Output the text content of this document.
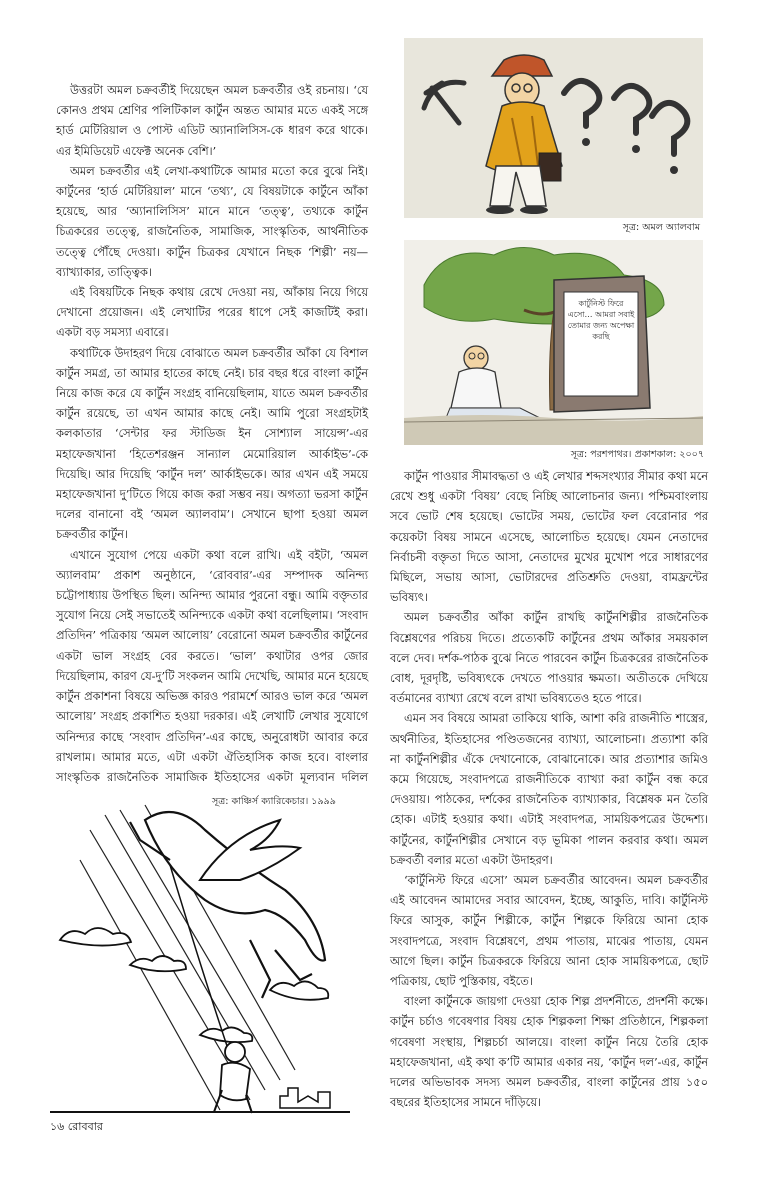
উত্তরটা অমল চক্রবর্তীই দিয়েছেন অমল চক্রবর্তীর ওই রচনায়। ‘যে কোনও প্রথম শ্রেণির পলিটিকাল কার্টুন অন্তত আমার মতে একই সঙ্গে হার্ড মেটিরিয়াল ও পোস্ট এডিট অ্যানালিসিস-কে ধারণ করে থাকে। এর ইমিডিয়েট এফেক্ট অনেক বেশি।’

অমল চক্রবর্তীর এই লেখা-কথাটিকে আমার মতো করে বুঝে নিই। কার্টুনের ‘হার্ড মেটিরিয়াল’ মানে ‘তথ্য’, যে বিষয়টাকে কার্টুনে আঁকা হয়েছে, আর ‘অ্যানালিসিস’ মানে মানে ‘তত্ত্ব’, তথ্যকে কার্টুন চিত্রকরের তত্ত্বে, রাজনৈতিক, সামাজিক, সাংস্কৃতিক, আর্থনীতিক তত্ত্বে পৌঁছে দেওয়া। কার্টুন চিত্রকর যেখানে নিছক ‘শিল্পী’ নয়— ব্যাখ্যাকার, তাত্ত্বিক।

এই বিষয়টিকে নিছক কথায় রেখে দেওয়া নয়, আঁকায় নিয়ে গিয়ে দেখানো প্রয়োজন। এই লেখাটির পরের ধাপে সেই কাজটিই করা। একটা বড় সমস্যা এবারে।

কথাটিকে উদাহরণ দিয়ে বোঝাতে অমল চক্রবর্তীর আঁকা যে বিশাল কার্টুন সমগ্র, তা আমার হাতের কাছে নেই। চার বছর ধরে বাংলা কার্টুন নিয়ে কাজ করে যে কার্টুন সংগ্রহ বানিয়েছিলাম, যাতে অমল চক্রবর্তীর কার্টুন রয়েছে, তা এখন আমার কাছে নেই। আমি পুরো সংগ্রহটাই কলকাতার ‘সেন্টার ফর স্টাডিজ ইন সোশ্যাল সায়েন্স’-এর মহাফেজখানা ‘হিতেশরঞ্জন সান্যাল মেমোরিয়াল আর্কাইভ’-কে দিয়েছি। আর দিয়েছি ‘কার্টুন দল’ আর্কাইভকে। আর এখন এই সময়ে মহাফেজখানা দু’টিতে গিয়ে কাজ করা সম্ভব নয়। অগত্যা ভরসা কার্টুন দলের বানানো বই ‘অমল অ্যালবাম’। সেখানে ছাপা হওয়া অমল চক্রবর্তীর কার্টুন।

এখানে সুযোগ পেয়ে একটা কথা বলে রাখি। এই বইটা, ‘অমল অ্যালবাম’ প্রকাশ অনুষ্ঠানে, ‘রোববার’-এর সম্পাদক অনিন্দ্য চট্টোপাধ্যায় উপস্থিত ছিল। অনিন্দ্য আমার পুরনো বন্ধু। আমি বক্তৃতার সুযোগ নিয়ে সেই সভাতেই অনিন্দ্যকে একটা কথা বলেছিলাম। ‘সংবাদ প্রতিদিন’ পত্রিকায় ‘অমল আলোয়’ বেরোনো অমল চক্রবর্তীর কার্টুনের একটা ভাল সংগ্রহ বের করতে। ‘ভাল’ কথাটার ওপর জোর দিয়েছিলাম, কারণ যে-দু’টি সংকলন আমি দেখেছি, আমার মনে হয়েছে কার্টুন প্রকাশনা বিষয়ে অভিজ্ঞ কারও পরামর্শে আরও ভাল করে ‘অমল আলোয়’ সংগ্রহ প্রকাশিত হওয়া দরকার। এই লেখাটি লেখার সুযোগে অনিন্দ্যর কাছে ‘সংবাদ প্রতিদিন’-এর কাছে, অনুরোধটা আবার করে রাখলাম। আমার মতে, এটা একটা ঐতিহাসিক কাজ হবে। বাংলার সাংস্কৃতিক রাজনৈতিক সামাজিক ইতিহাসের একটা মূল্যবান দলিল

কার্টুন পাওয়ার সীমাবদ্ধতা ও এই লেখার শব্দসংখ্যার সীমার কথা মনে রেখে শুধু একটা ‘বিষয়’ বেছে নিচ্ছি আলোচনার জন্য। পশ্চিমবাংলায় সবে ভোট শেষ হয়েছে। ভোটের সময়, ভোটের ফল বেরোনার পর কয়েকটা বিষয় সামনে এসেছে, আলোচিত হয়েছে। যেমন নেতাদের নির্বাচনী বক্তৃতা দিতে আসা, নেতাদের মুখের মুখোশ পরে সাধারণের মিছিলে, সভায় আসা, ভোটারদের প্রতিশ্রুতি দেওয়া, বামফ্রন্টের ভবিষ্যৎ।

অমল চক্রবর্তীর আঁকা কার্টুন রাখছি কার্টুনশিল্পীর রাজনৈতিক বিশ্লেষণের পরিচয় দিতে। প্রত্যেকটি কার্টুনের প্রথম আঁকার সময়কাল বলে দেব। দর্শক-পাঠক বুঝে নিতে পারবেন কার্টুন চিত্রকরের রাজনৈতিক বোধ, দূরদৃষ্টি, ভবিষ্যৎকে দেখতে পাওয়ার ক্ষমতা। অতীতকে দেখিয়ে বর্তমানের ব্যাখ্যা রেখে বলে রাখা ভবিষ্যতেও হতে পারে।

এমন সব বিষয়ে আমরা তাকিয়ে থাকি, আশা করি রাজনীতি শাস্ত্রের, অর্থনীতির, ইতিহাসের পণ্ডিতজনের ব্যাখ্যা, আলোচনা। প্রত্যাশা করি না কার্টুনশিল্পীর এঁকে দেখানোকে, বোঝানোকে। আর প্রত্যাশার জমিও কমে গিয়েছে, সংবাদপত্রে রাজনীতিকে ব্যাখ্যা করা কার্টুন বন্ধ করে দেওয়ায়। পাঠকের, দর্শকের রাজনৈতিক ব্যাখ্যাকার, বিশ্লেষক মন তৈরি হোক। এটাই হওয়ার কথা। এটাই সংবাদপত্র, সাময়িকপত্রের উদ্দেশ্য। কার্টুনের, কার্টুনশিল্পীর সেখানে বড় ভূমিকা পালন করবার কথা। অমল চক্রবর্তী বলার মতো একটা উদাহরণ।

‘কার্টুনিস্ট ফিরে এসো’ অমল চক্রবর্তীর আবেদন। অমল চক্রবর্তীর এই আবেদন আমাদের সবার আবেদন, ইচ্ছে, আকুতি, দাবি। কার্টুনিস্ট ফিরে আসুক, কার্টুন শিল্পীকে, কার্টুন শিল্পকে ফিরিয়ে আনা হোক সংবাদপত্রে, সংবাদ বিশ্লেষণে, প্রথম পাতায়, মাঝের পাতায়, যেমন আগে ছিল। কার্টুন চিত্রকরকে ফিরিয়ে আনা হোক সাময়িকপত্রে, ছোট পত্রিকায়, ছোট পুস্তিকায়, বইতে।

বাংলা কার্টুনকে জায়গা দেওয়া হোক শিল্প প্রদর্শনীতে, প্রদর্শনী কক্ষে। কার্টুন চর্চাও গবেষণার বিষয় হোক শিল্পকলা শিক্ষা প্রতিষ্ঠানে, শিল্পকলা গবেষণা সংস্থায়, শিল্পচর্চা আলয়ে। বাংলা কার্টুন নিয়ে তৈরি হোক মহাফেজখানা, এই কথা ক’টি আমার একার নয়, ‘কার্টুন দল’-এর, কার্টুন দলের অভিভাবক সদস্য অমল চক্রবর্তীর, বাংলা কার্টুনের প্রায় ১৫০ বছরের ইতিহাসের সামনে দাঁড়িয়ে।

সূত্র: অমল অ্যালবাম
কার্টুনিস্ট ফিরে এসো… আমরা সবাই তোমার জন্য অপেক্ষা করছি
সূত্র: পরশপাথর। প্রকাশকাল: ২০০৭
সূত্র: কাঞ্চির্স ক্যারিকেচার। ১৯৯৯
১৬ রোববার
